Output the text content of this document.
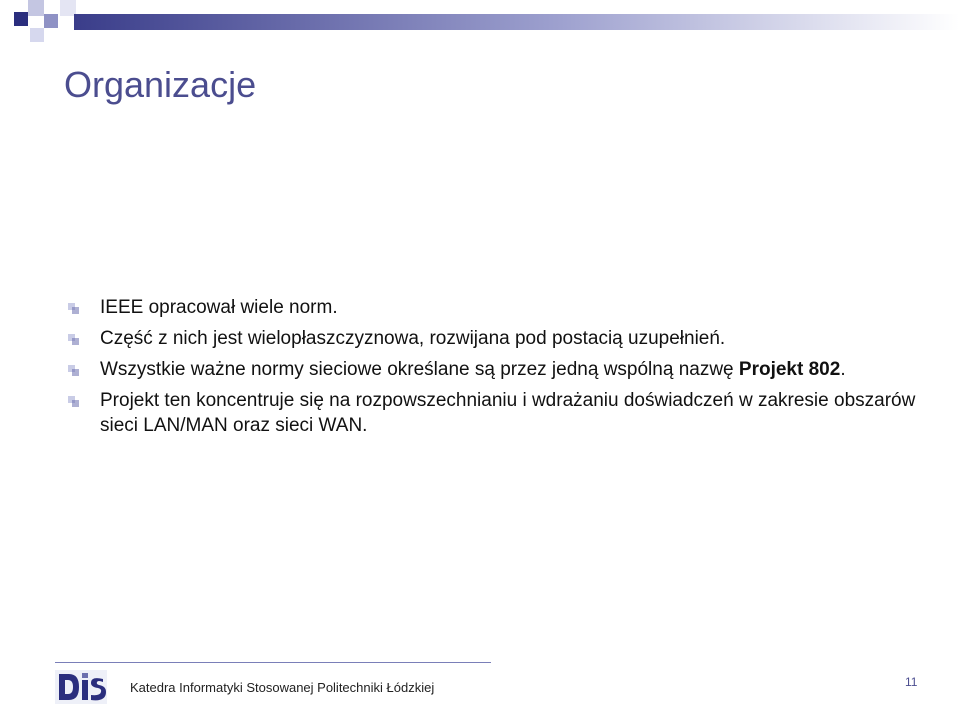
Organizacje
IEEE opracował wiele norm.
Część z nich jest wielopłaszczyznowa, rozwijana pod postacią uzupełnień.
Wszystkie ważne normy sieciowe określane są przez jedną wspólną nazwę Projekt 802.
Projekt ten koncentruje się na rozpowszechnianiu i wdrażaniu doświadczeń w zakresie obszarów sieci LAN/MAN oraz sieci WAN.
Katedra Informatyki Stosowanej Politechniki Łódzkiej	11
